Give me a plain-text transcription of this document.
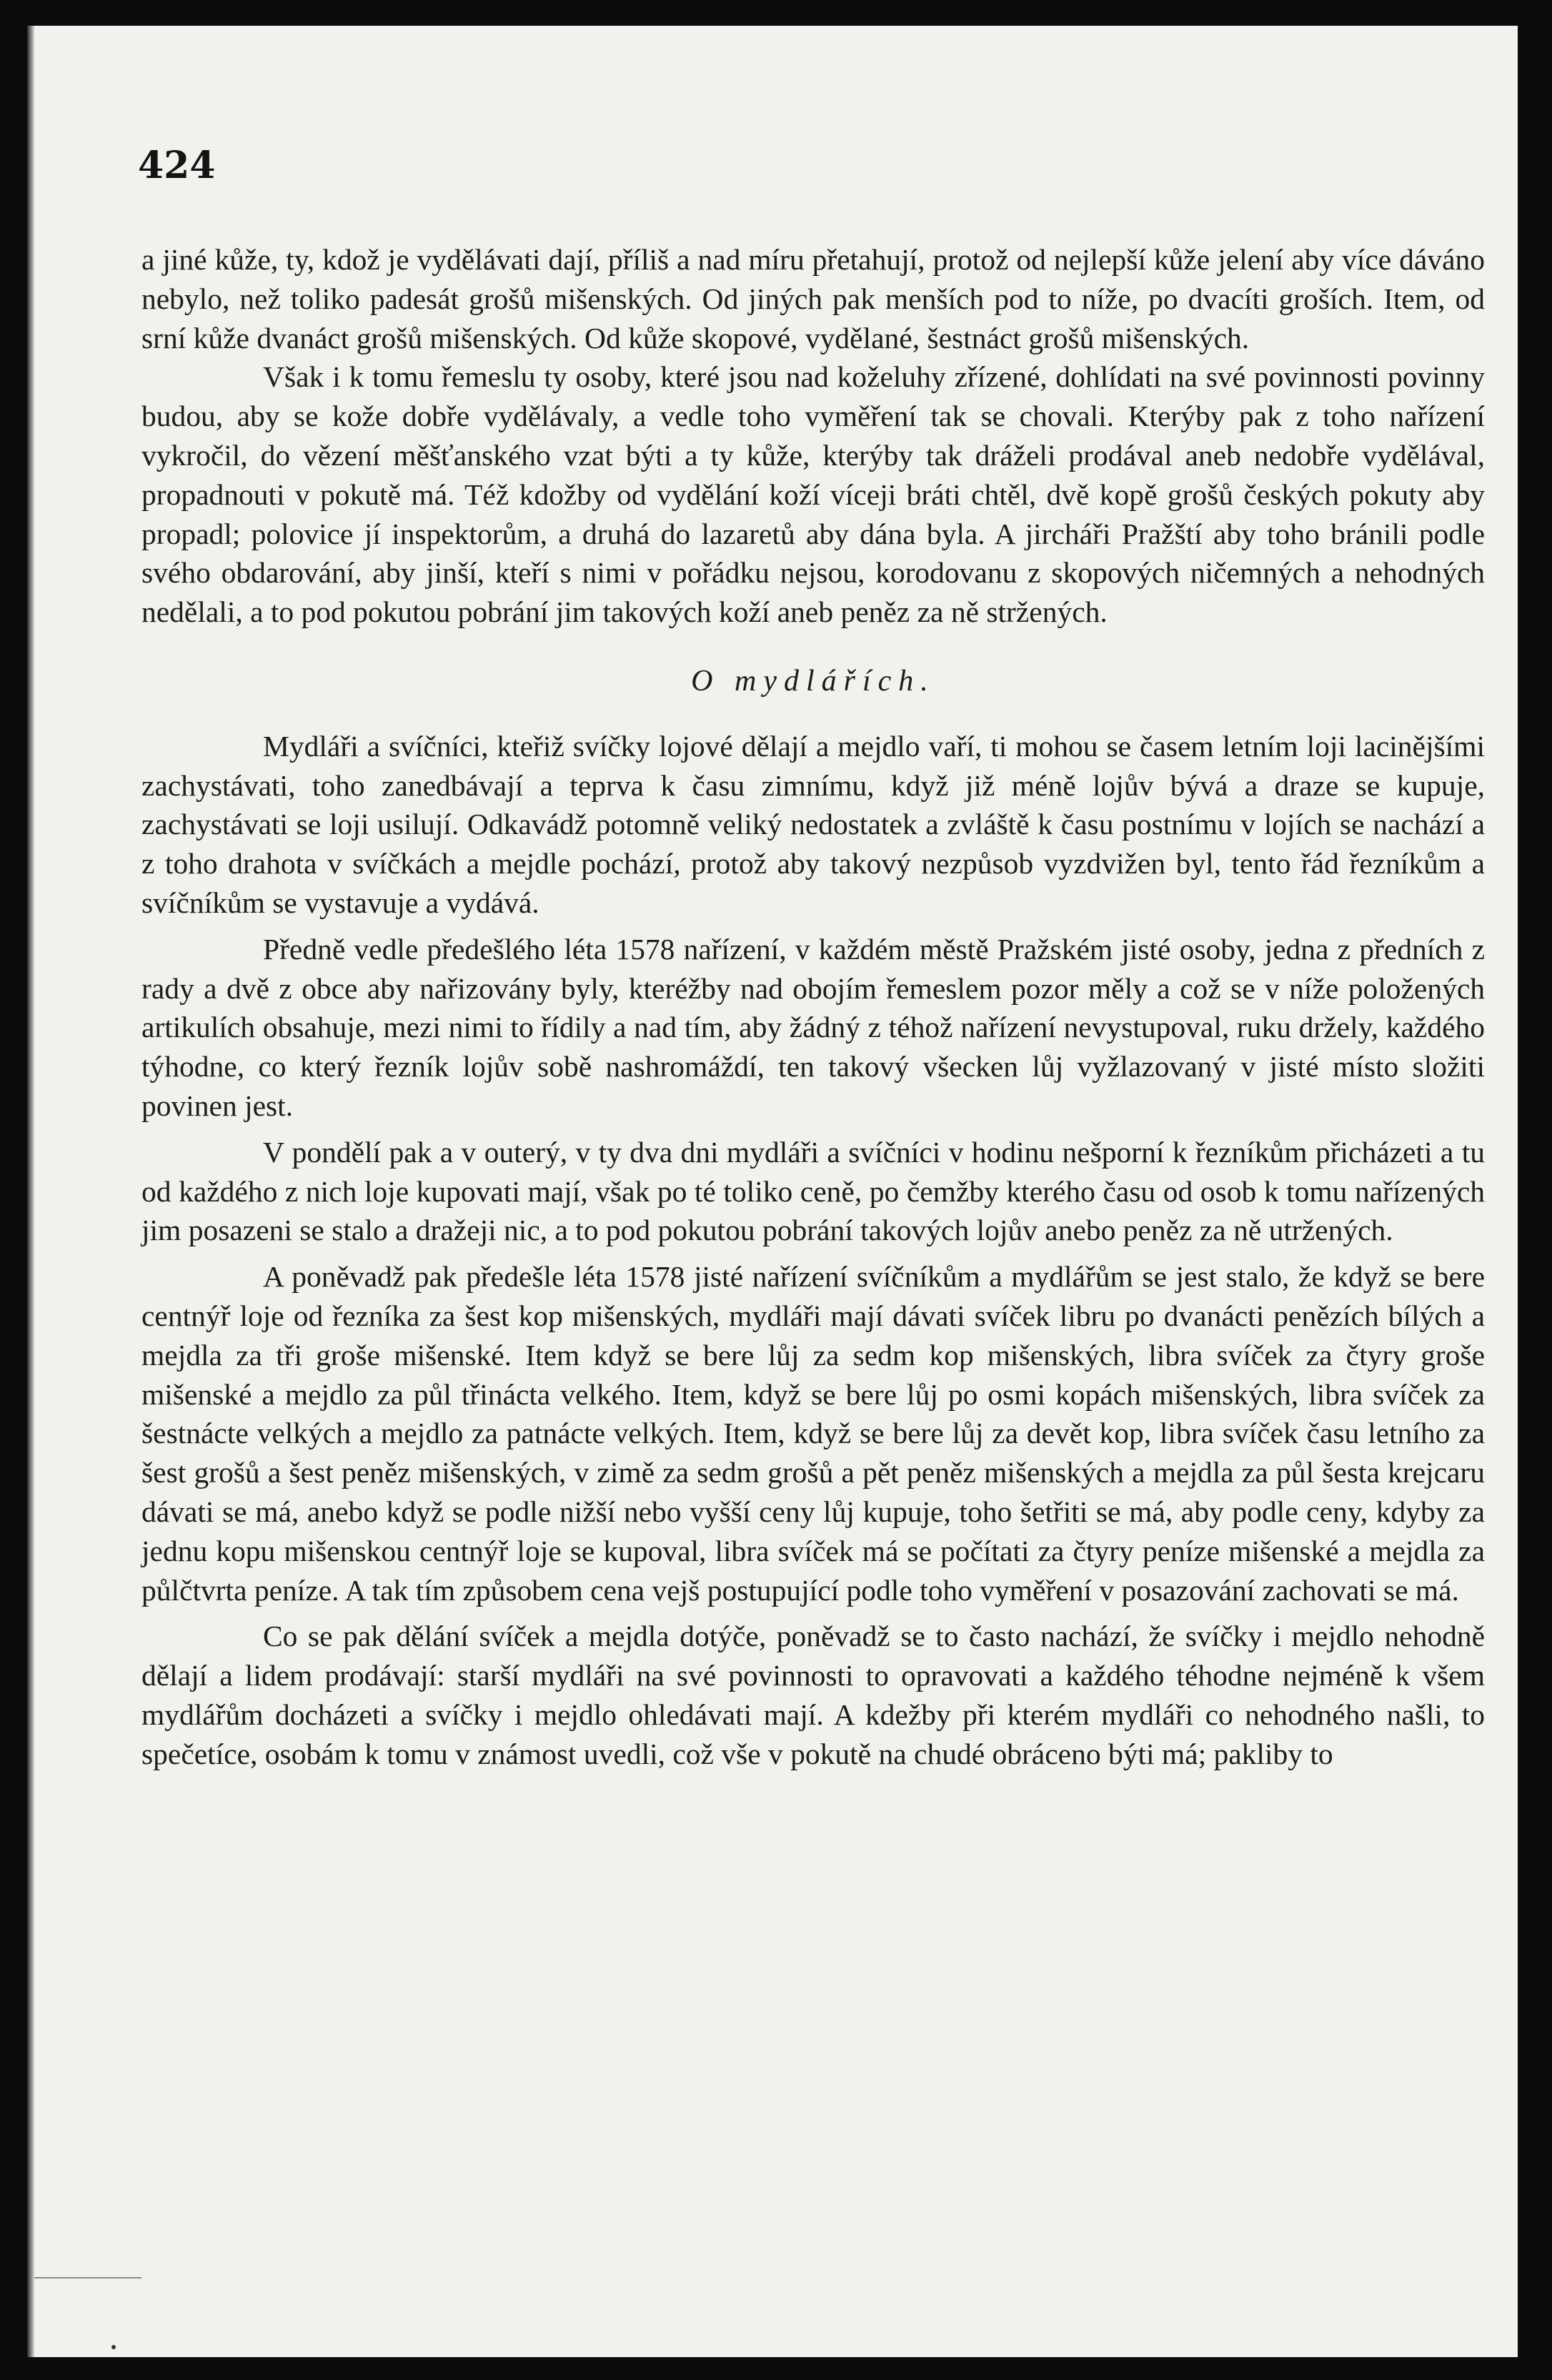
424

a jiné kůže, ty, kdož je vydělávati dají, příliš a nad míru přetahují, protož od nejlepší kůže jelení aby více dáváno nebylo, než toliko padesát grošů mišenských. Od jiných pak menších pod to níže, po dvacíti groších. Item, od srní kůže dvanáct grošů mišenských. Od kůže skopové, vydělané, šestnáct grošů mišenských.

Však i k tomu řemeslu ty osoby, které jsou nad koželuhy zřízené, dohlídati na své povinnosti povinny budou, aby se kože dobře vydělávaly, a vedle toho vyměření tak se chovali. Kterýby pak z toho nařízení vykročil, do vězení měšťanského vzat býti a ty kůže, kterýby tak dráželi prodával aneb nedobře vydělával, propadnouti v pokutě má. Též kdožby od vydělání koží víceji bráti chtěl, dvě kopě grošů českých pokuty aby propadl; polovice jí inspektorům, a druhá do lazaretů aby dána byla. A jircháři Pražští aby toho bránili podle svého obdarování, aby jinší, kteří s nimi v pořádku nejsou, korodovanu z skopových ničemných a nehodných nedělali, a to pod pokutou pobrání jim takových koží aneb peněz za ně stržených.

O mydlářích.

Mydláři a svíčníci, kteřiž svíčky lojové dělají a mejdlo vaří, ti mohou se časem letním loji lacinějšími zachystávati, toho zanedbávají a teprva k času zimnímu, když již méně lojův bývá a draze se kupuje, zachystávati se loji usilují. Odkavádž potomně veliký nedostatek a zvláště k času postnímu v lojích se nachází a z toho drahota v svíčkách a mejdle pochází, protož aby takový nezpůsob vyzdvižen byl, tento řád řezníkům a svíčníkům se vystavuje a vydává.

Předně vedle předešlého léta 1578 nařízení, v každém městě Pražském jisté osoby, jedna z předních z rady a dvě z obce aby nařizovány byly, kteréžby nad obojím řemeslem pozor měly a což se v níže položených artikulích obsahuje, mezi nimi to řídily a nad tím, aby žádný z téhož nařízení nevystupoval, ruku držely, každého týhodne, co který řezník lojův sobě nashromáždí, ten takový všecken lůj vyžlazovaný v jisté místo složiti povinen jest.

V pondělí pak a v outerý, v ty dva dni mydláři a svíčníci v hodinu nešporní k řezníkům přicházeti a tu od každého z nich loje kupovati mají, však po té toliko ceně, po čemžby kterého času od osob k tomu nařízených jim posazeni se stalo a dražeji nic, a to pod pokutou pobrání takových lojův anebo peněz za ně utržených.

A poněvadž pak předešle léta 1578 jisté nařízení svíčníkům a mydlářům se jest stalo, že když se bere centnýř loje od řezníka za šest kop mišenských, mydláři mají dávati svíček libru po dvanácti penězích bílých a mejdla za tři groše mišenské. Item když se bere lůj za sedm kop mišenských, libra svíček za čtyry groše mišenské a mejdlo za půl třinácta velkého. Item, když se bere lůj po osmi kopách mišenských, libra svíček za šestnácte velkých a mejdlo za patnácte velkých. Item, když se bere lůj za devět kop, libra svíček času letního za šest grošů a šest peněz mišenských, v zimě za sedm grošů a pět peněz mišenských a mejdla za půl šesta krejcaru dávati se má, anebo když se podle nižší nebo vyšší ceny lůj kupuje, toho šetřiti se má, aby podle ceny, kdyby za jednu kopu mišenskou centnýř loje se kupoval, libra svíček má se počítati za čtyry peníze mišenské a mejdla za půlčtvrta peníze. A tak tím způsobem cena vejš postupující podle toho vyměření v posazování zachovati se má.

Co se pak dělání svíček a mejdla dotýče, poněvadž se to často nachází, že svíčky i mejdlo nehodně dělají a lidem prodávají: starší mydláři na své povinnosti to opravovati a každého téhodne nejméně k všem mydlářům docházeti a svíčky i mejdlo ohledávati mají. A kdežby při kterém mydláři co nehodného našli, to spečetíce, osobám k tomu v známost uvedli, což vše v pokutě na chudé obráceno býti má; pakliby to
